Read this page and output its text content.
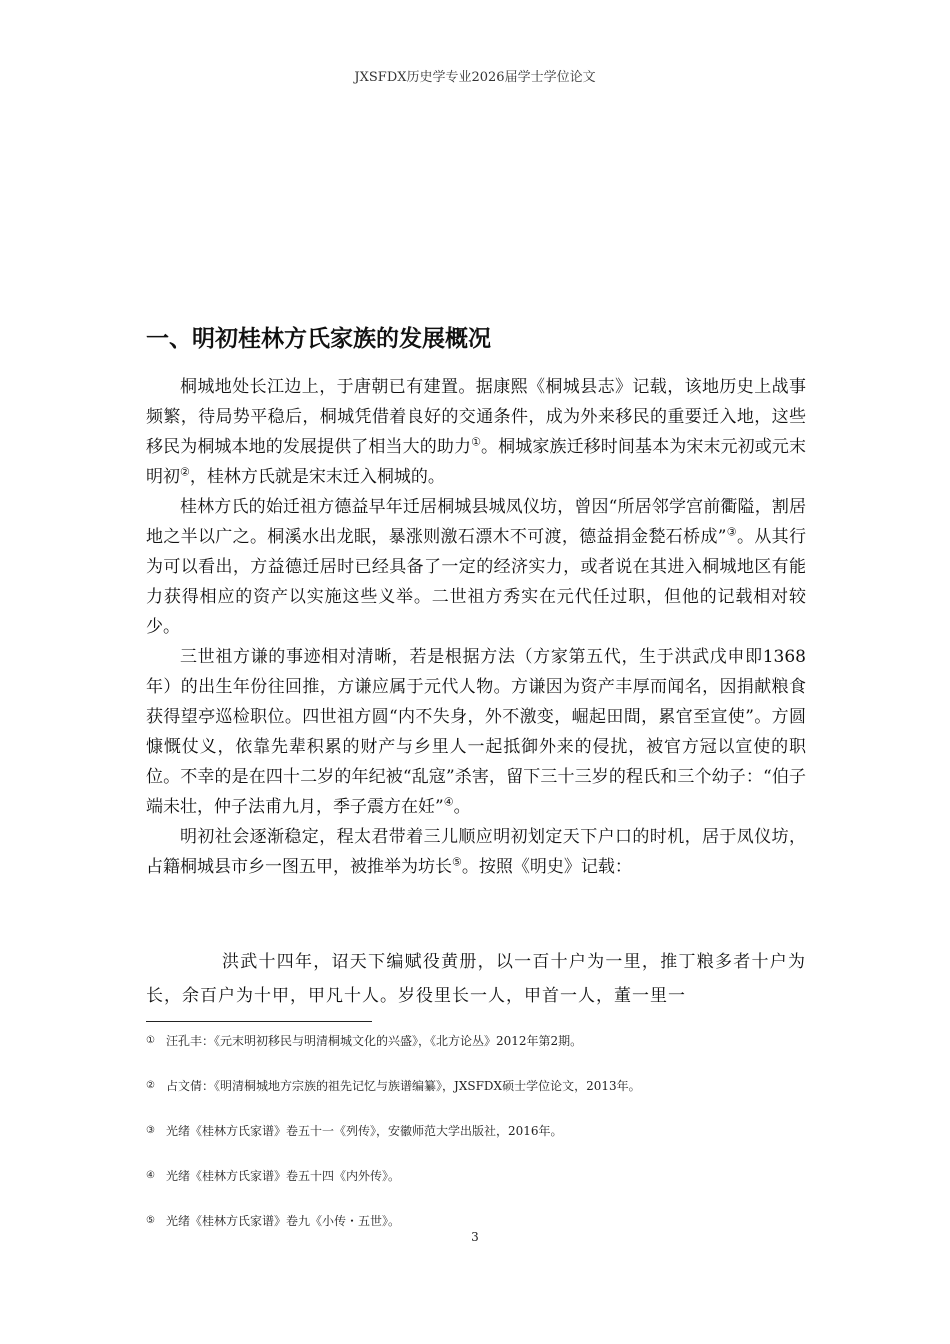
JXSFDX历史学专业2026届学士学位论文
一、明初桂林方氏家族的发展概况

桐城地处长江边上，于唐朝已有建置。据康熙《桐城县志》记载，该地历史上战事频繁，待局势平稳后，桐城凭借着良好的交通条件，成为外来移民的重要迁入地，这些移民为桐城本地的发展提供了相当大的助力①。桐城家族迁移时间基本为宋末元初或元末明初②，桂林方氏就是宋末迁入桐城的。

桂林方氏的始迁祖方德益早年迁居桐城县城凤仪坊，曾因“所居邻学宫前衢隘，割居地之半以广之。桐溪水出龙眠，暴涨则激石漂木不可渡，德益捐金甃石桥成”③。从其行为可以看出，方益德迁居时已经具备了一定的经济实力，或者说在其进入桐城地区有能力获得相应的资产以实施这些义举。二世祖方秀实在元代任过职，但他的记载相对较少。

三世祖方谦的事迹相对清晰，若是根据方法（方家第五代，生于洪武戊申即1368年）的出生年份往回推，方谦应属于元代人物。方谦因为资产丰厚而闻名，因捐献粮食获得望亭巡检职位。四世祖方圆“内不失身，外不激变，崛起田間，累官至宣使”。方圆慷慨仗义，依靠先辈积累的财产与乡里人一起抵御外来的侵扰，被官方冠以宣使的职位。不幸的是在四十二岁的年纪被“乱寇”杀害，留下三十三岁的程氏和三个幼子：“伯子端未壮，仲子法甫九月，季子震方在妊”④。

明初社会逐渐稳定，程太君带着三儿顺应明初划定天下户口的时机，居于凤仪坊，占籍桐城县市乡一图五甲，被推举为坊长⑤。按照《明史》记载：

洪武十四年，诏天下编赋役黄册，以一百十户为一里，推丁粮多者十户为长，余百户为十甲，甲凡十人。岁役里长一人，甲首一人，董一里一

① 汪孔丰：《元末明初移民与明清桐城文化的兴盛》，《北方论丛》2012年第2期。
② 占文倩：《明清桐城地方宗族的祖先记忆与族谱编纂》，JXSFDX硕士学位论文，2013年。
③ 光绪《桂林方氏家谱》卷五十一《列传》，安徽师范大学出版社，2016年。
④ 光绪《桂林方氏家谱》卷五十四《内外传》。
⑤ 光绪《桂林方氏家谱》卷九《小传・五世》。
3
